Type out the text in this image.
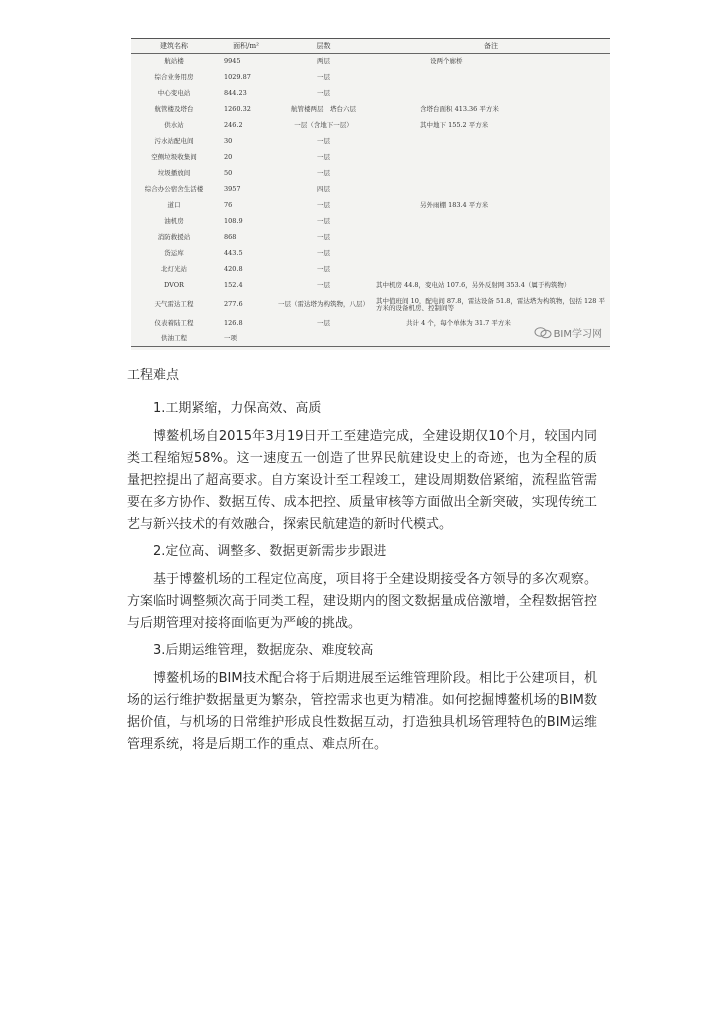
建筑名称	面积/m²	层数	备注
航站楼	9945	两层	设两个廊桥
综合业务用房	1029.87	一层	
中心变电站	844.23	一层	
航管楼及塔台	1260.32	航管楼两层　塔台六层	含塔台面积 413.36 平方米
供水站	246.2	一层（含地下一层）	其中地下 155.2 平方米
污水站配电间	30	一层	
空侧垃圾收集间	20	一层	
垃圾播放间	50	一层	
综合办公宿舍生活楼	3957	四层	
道口	76	一层	另外雨棚 183.4 平方米
油机房	108.9	一层	
消防救援站	868	一层	
货运库	443.5	一层	
北灯光站	420.8	一层	
DVOR	152.4	一层	其中机房 44.8，变电站 107.6，另外反射网 353.4（属于构筑物）
天气雷达工程	277.6	一层（雷达塔为构筑物，八层）	其中值班间 10，配电间 87.8，雷达设备 51.8，雷达塔为构筑物，包括 128 平方米的设备机房、控制间等
仪表着陆工程	126.8	一层	共计 4 个，每个单体为 31.7 平方米
供油工程	一项			BIM学习网

工程难点

1.工期紧缩，力保高效、高质

博鳌机场自2015年3月19日开工至建造完成，全建设期仅10个月，较国内同类工程缩短58%。这一速度五一创造了世界民航建设史上的奇迹，也为全程的质量把控提出了超高要求。自方案设计至工程竣工，建设周期数倍紧缩，流程监管需要在多方协作、数据互传、成本把控、质量审核等方面做出全新突破，实现传统工艺与新兴技术的有效融合，探索民航建造的新时代模式。

2.定位高、调整多、数据更新需步步跟进

基于博鳌机场的工程定位高度，项目将于全建设期接受各方领导的多次观察。方案临时调整频次高于同类工程，建设期内的图文数据量成倍激增，全程数据管控与后期管理对接将面临更为严峻的挑战。

3.后期运维管理，数据庞杂、难度较高

博鳌机场的BIM技术配合将于后期进展至运维管理阶段。相比于公建项目，机场的运行维护数据量更为繁杂，管控需求也更为精准。如何挖掘博鳌机场的BIM数据价值，与机场的日常维护形成良性数据互动，打造独具机场管理特色的BIM运维管理系统，将是后期工作的重点、难点所在。
